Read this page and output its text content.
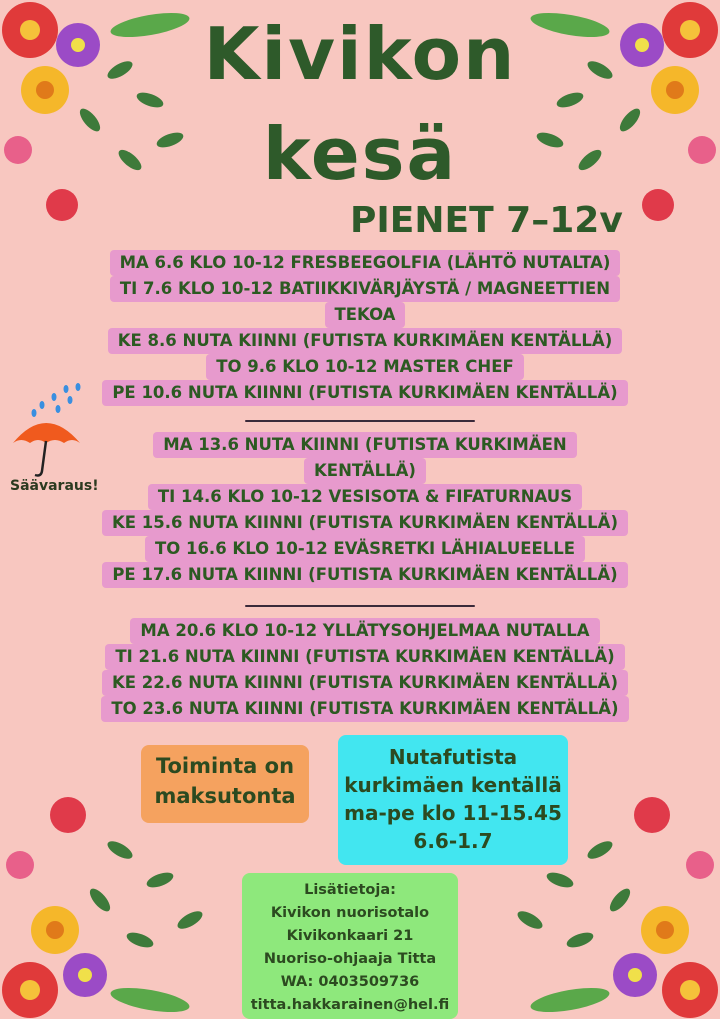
Kivikon
kesä
PIENET 7–12v
MA 6.6 KLO 10-12 FRESBEEGOLFIA (LÄHTÖ NUTALTA)
TI 7.6 KLO 10-12 BATIIKKIVÄRJÄYSTÄ / MAGNEETTIEN
TEKOA
KE 8.6 NUTA KIINNI (FUTISTA KURKIMÄEN KENTÄLLÄ)
TO 9.6 KLO 10-12 MASTER CHEF
PE 10.6 NUTA KIINNI (FUTISTA KURKIMÄEN KENTÄLLÄ)
MA 13.6 NUTA KIINNI (FUTISTA KURKIMÄEN
KENTÄLLÄ)
TI 14.6 KLO 10-12 VESISOTA & FIFATURNAUS
KE 15.6 NUTA KIINNI (FUTISTA KURKIMÄEN KENTÄLLÄ)
TO 16.6 KLO 10-12 EVÄSRETKI LÄHIALUEELLE
PE 17.6 NUTA KIINNI (FUTISTA KURKIMÄEN KENTÄLLÄ)
MA 20.6 KLO 10-12 YLLÄTYSOHJELMAA NUTALLA
TI 21.6 NUTA KIINNI (FUTISTA KURKIMÄEN KENTÄLLÄ)
KE 22.6 NUTA KIINNI (FUTISTA KURKIMÄEN KENTÄLLÄ)
TO 23.6 NUTA KIINNI (FUTISTA KURKIMÄEN KENTÄLLÄ)
Säävaraus!
Toiminta on
maksutonta
Nutafutista
kurkimäen kentällä
ma-pe klo 11-15.45
6.6-1.7
Lisätietoja:
Kivikon nuorisotalo
Kivikonkaari 21
Nuoriso-ohjaaja Titta
WA: 0403509736
titta.hakkarainen@hel.fi
